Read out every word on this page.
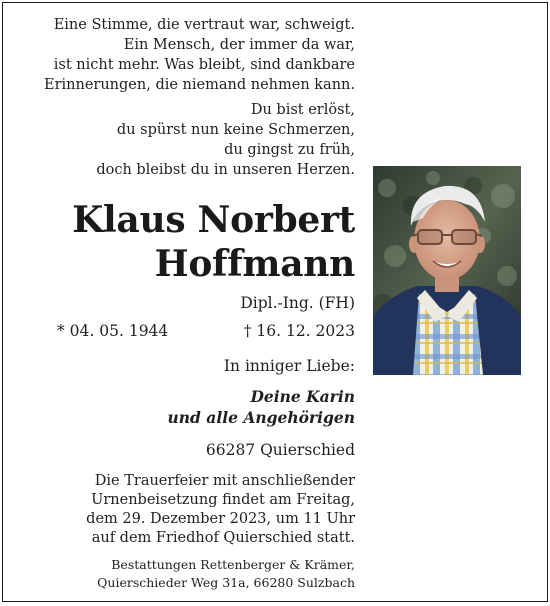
Eine Stimme, die vertraut war, schweigt.
Ein Mensch, der immer da war,
ist nicht mehr. Was bleibt, sind dankbare
Erinnerungen, die niemand nehmen kann.
Du bist erlöst,
du spürst nun keine Schmerzen,
du gingst zu früh,
doch bleibst du in unseren Herzen.
Klaus Norbert
Hoffmann
Dipl.-Ing. (FH)
* 04. 05. 1944	† 16. 12. 2023
In inniger Liebe:
Deine Karin
und alle Angehörigen
66287 Quierschied
Die Trauerfeier mit anschließender
Urnenbeisetzung findet am Freitag,
dem 29. Dezember 2023, um 11 Uhr
auf dem Friedhof Quierschied statt.
Bestattungen Rettenberger & Krämer,
Quierschieder Weg 31a, 66280 Sulzbach
